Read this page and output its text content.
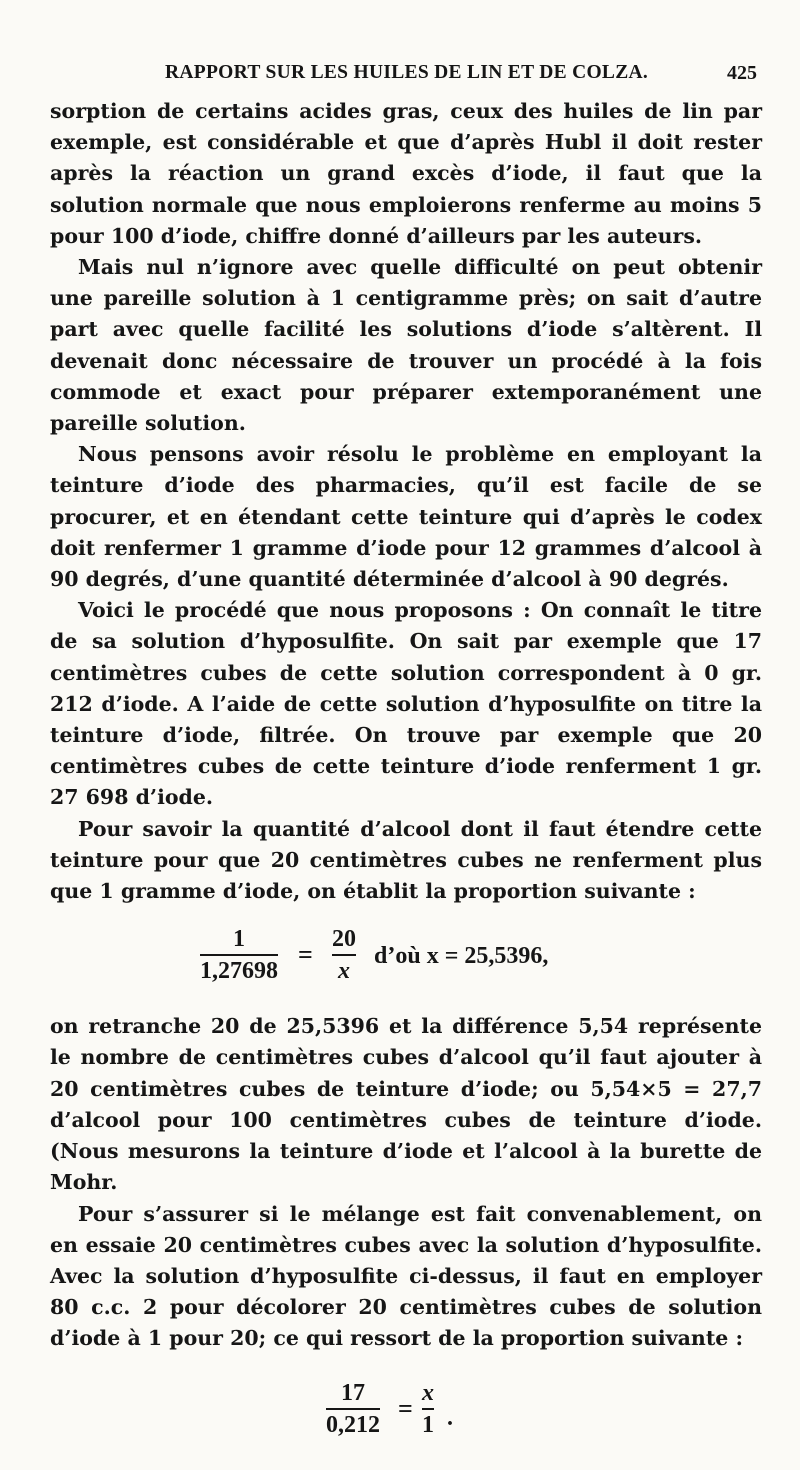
RAPPORT SUR LES HUILES DE LIN ET DE COLZA.	425

sorption de certains acides gras, ceux des huiles de lin par exemple, est considérable et que d’après Hubl il doit rester après la réaction un grand excès d’iode, il faut que la solution normale que nous emploierons renferme au moins 5 pour 100 d’iode, chiffre donné d’ailleurs par les auteurs.

Mais nul n’ignore avec quelle difficulté on peut obtenir une pareille solution à 1 centigramme près; on sait d’autre part avec quelle facilité les solutions d’iode s’altèrent. Il devenait donc nécessaire de trouver un procédé à la fois commode et exact pour préparer extemporanément une pareille solution.

Nous pensons avoir résolu le problème en employant la teinture d’iode des pharmacies, qu’il est facile de se procurer, et en étendant cette teinture qui d’après le codex doit renfermer 1 gramme d’iode pour 12 grammes d’alcool à 90 degrés, d’une quantité déterminée d’alcool à 90 degrés.

Voici le procédé que nous proposons : On connaît le titre de sa solution d’hyposulfite. On sait par exemple que 17 centimètres cubes de cette solution correspondent à 0 gr. 212 d’iode. A l’aide de cette solution d’hyposulfite on titre la teinture d’iode, filtrée. On trouve par exemple que 20 centimètres cubes de cette teinture d’iode renferment 1 gr. 27 698 d’iode.

Pour savoir la quantité d’alcool dont il faut étendre cette teinture pour que 20 centimètres cubes ne renferment plus que 1 gramme d’iode, on établit la proportion suivante :

1
1,27698
=
20
x
d’où x = 25,5396,

on retranche 20 de 25,5396 et la différence 5,54 représente le nombre de centimètres cubes d’alcool qu’il faut ajouter à 20 centimètres cubes de teinture d’iode; ou 5,54×5 = 27,7 d’alcool pour 100 centimètres cubes de teinture d’iode. (Nous mesurons la teinture d’iode et l’alcool à la burette de Mohr.

Pour s’assurer si le mélange est fait convenablement, on en essaie 20 centimètres cubes avec la solution d’hyposulfite. Avec la solution d’hyposulfite ci-dessus, il faut en employer 80 c.c. 2 pour décolorer 20 centimètres cubes de solution d’iode à 1 pour 20; ce qui ressort de la proportion suivante :

17
0,212
=
x
1 ·
